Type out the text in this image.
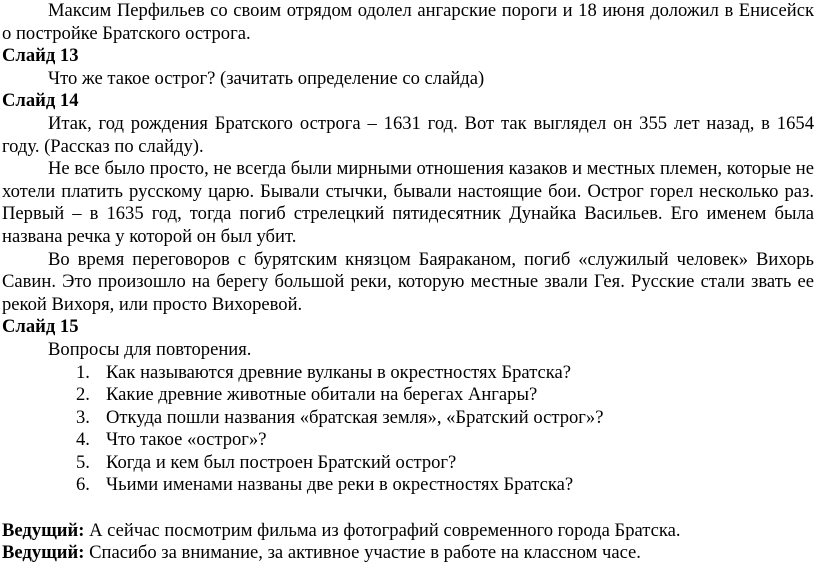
Максим Перфильев со своим отрядом одолел ангарские пороги и 18 июня доложил в Енисейск о постройке Братского острога.

Слайд 13

Что же такое острог? (зачитать определение со слайда)

Слайд 14

Итак, год рождения Братского острога – 1631 год. Вот так выглядел он 355 лет назад, в 1654 году. (Рассказ по слайду).

Не все было просто, не всегда были мирными отношения казаков и местных племен, которые не хотели платить русскому царю. Бывали стычки, бывали настоящие бои. Острог горел несколько раз. Первый – в 1635 год, тогда погиб стрелецкий пятидесятник Дунайка Васильев. Его именем была названа речка у которой он был убит.

Во время переговоров с бурятским князцом Баяраканом, погиб «служилый человек» Вихорь Савин. Это произошло на берегу большой реки, которую местные звали Гея. Русские стали звать ее рекой Вихоря, или просто Вихоревой.

Слайд 15

Вопросы для повторения.

1. Как называются древние вулканы в окрестностях Братска?
2. Какие древние животные обитали на берегах Ангары?
3. Откуда пошли названия «братская земля», «Братский острог»?
4. Что такое «острог»?
5. Когда и кем был построен Братский острог?
6. Чьими именами названы две реки в окрестностях Братска?

Ведущий: А сейчас посмотрим фильма из фотографий современного города Братска.

Ведущий: Спасибо за внимание, за активное участие в работе на классном часе.
